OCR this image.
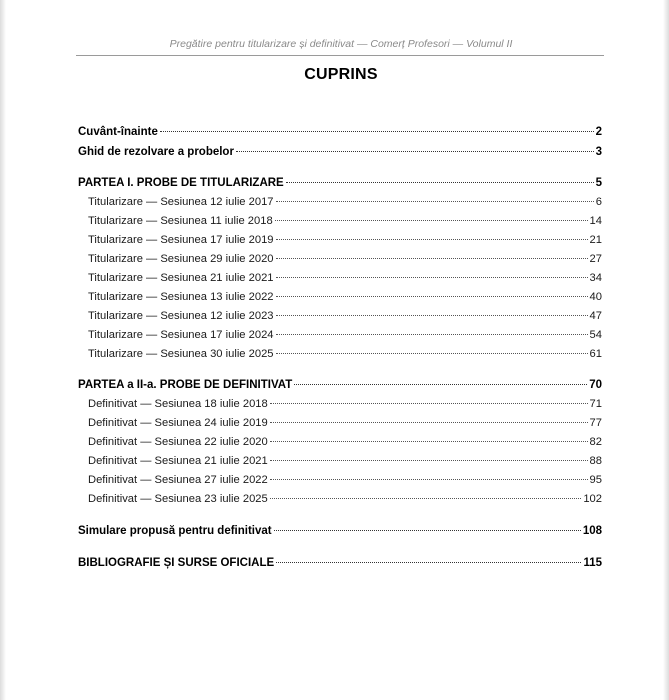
Pregătire pentru titularizare și definitivat — Comerț Profesori — Volumul II
CUPRINS
Cuvânt-înainte	2
Ghid de rezolvare a probelor	3
PARTEA I. PROBE DE TITULARIZARE	5
Titularizare — Sesiunea 12 iulie 2017	6
Titularizare — Sesiunea 11 iulie 2018	14
Titularizare — Sesiunea 17 iulie 2019	21
Titularizare — Sesiunea 29 iulie 2020	27
Titularizare — Sesiunea 21 iulie 2021	34
Titularizare — Sesiunea 13 iulie 2022	40
Titularizare — Sesiunea 12 iulie 2023	47
Titularizare — Sesiunea 17 iulie 2024	54
Titularizare — Sesiunea 30 iulie 2025	61
PARTEA a II-a. PROBE DE DEFINITIVAT	70
Definitivat — Sesiunea 18 iulie 2018	71
Definitivat — Sesiunea 24 iulie 2019	77
Definitivat — Sesiunea 22 iulie 2020	82
Definitivat — Sesiunea 21 iulie 2021	88
Definitivat — Sesiunea 27 iulie 2022	95
Definitivat — Sesiunea 23 iulie 2025	102
Simulare propusă pentru definitivat	108
BIBLIOGRAFIE ȘI SURSE OFICIALE	115
